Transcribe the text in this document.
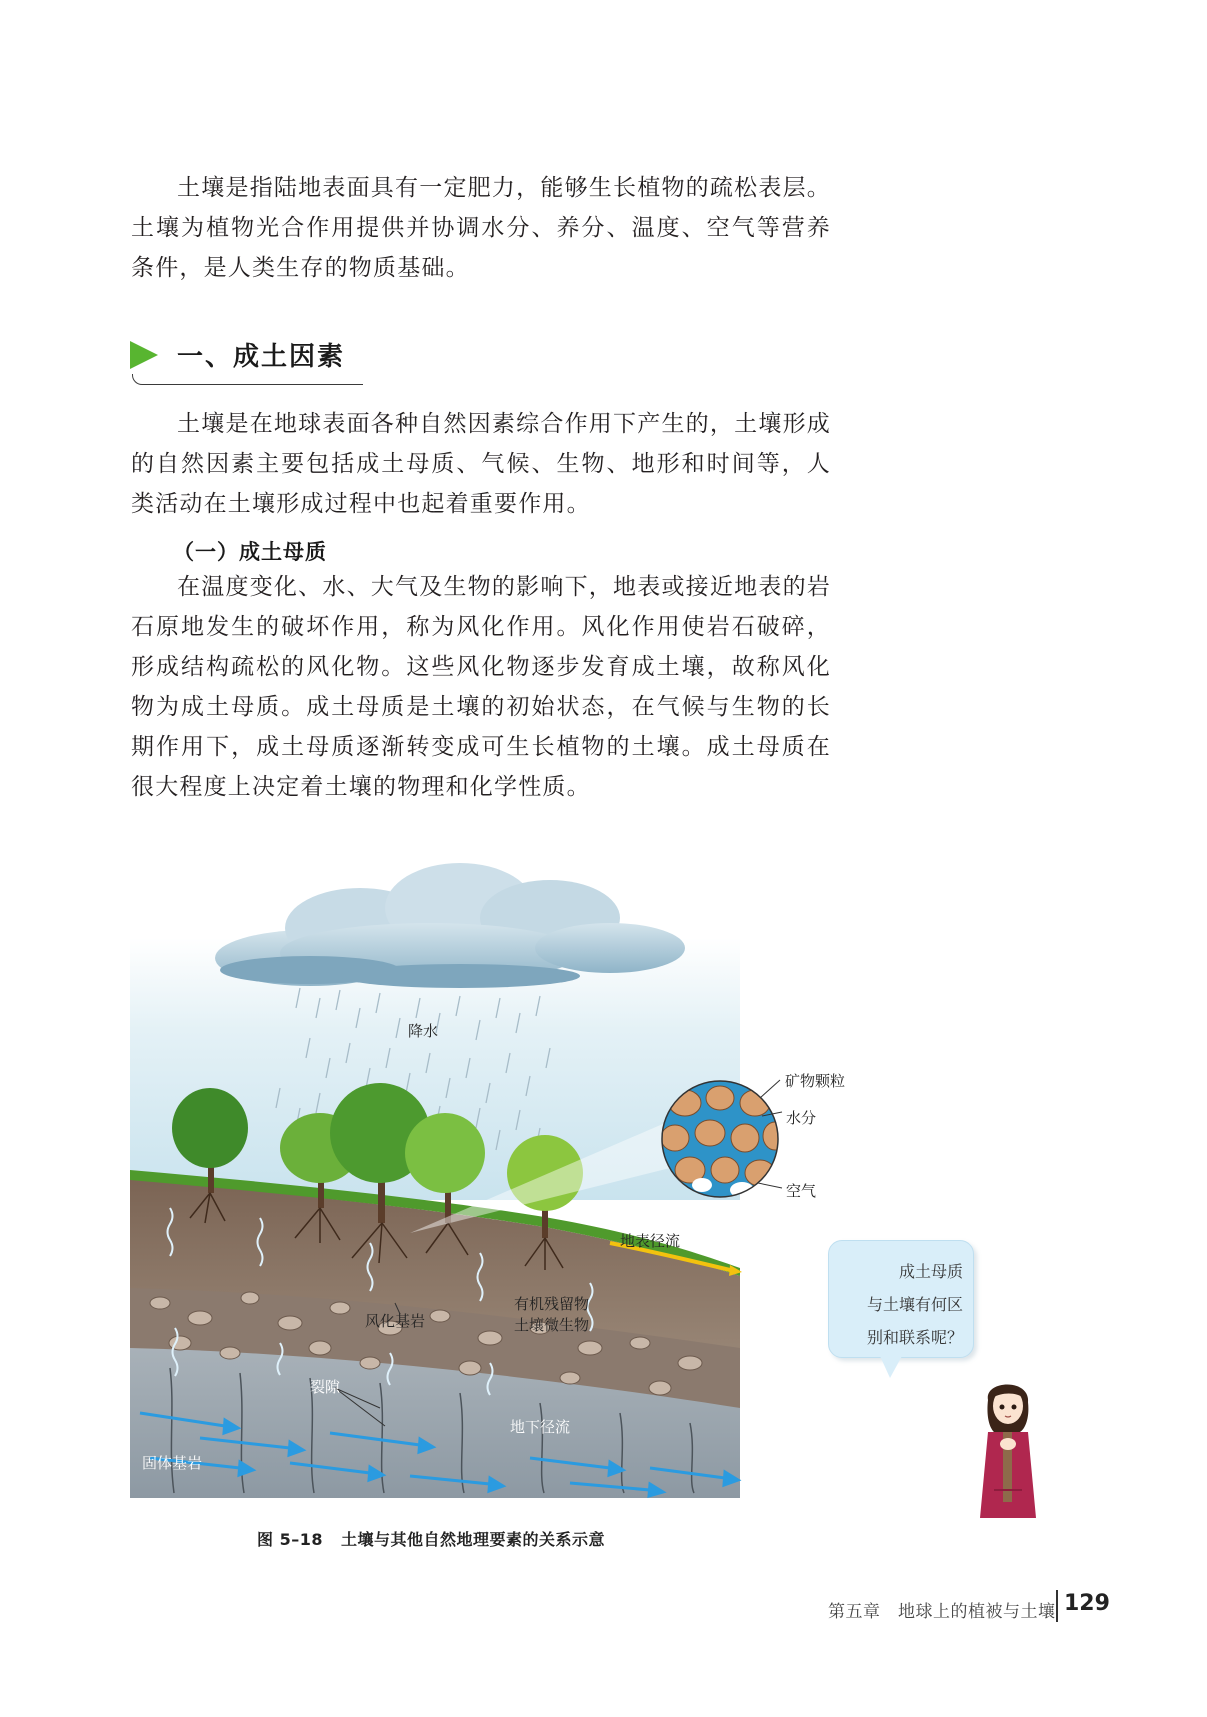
土壤是指陆地表面具有一定肥力，能够生长植物的疏松表层。土壤为植物光合作用提供并协调水分、养分、温度、空气等营养条件，是人类生存的物质基础。

一、成土因素

土壤是在地球表面各种自然因素综合作用下产生的，土壤形成的自然因素主要包括成土母质、气候、生物、地形和时间等，人类活动在土壤形成过程中也起着重要作用。

（一）成土母质

在温度变化、水、大气及生物的影响下，地表或接近地表的岩石原地发生的破坏作用，称为风化作用。风化作用使岩石破碎，形成结构疏松的风化物。这些风化物逐步发育成土壤，故称风化物为成土母质。成土母质是土壤的初始状态，在气候与生物的长期作用下，成土母质逐渐转变成可生长植物的土壤。成土母质在很大程度上决定着土壤的物理和化学性质。

降水
矿物颗粒
水分
空气
地表径流
有机残留物
土壤微生物
风化基岩
裂隙
地下径流
固体基岩
图 5–18 土壤与其他自然地理要素的关系示意
成土母质
与土壤有何区
别和联系呢？
第五章　地球上的植被与土壤 129
